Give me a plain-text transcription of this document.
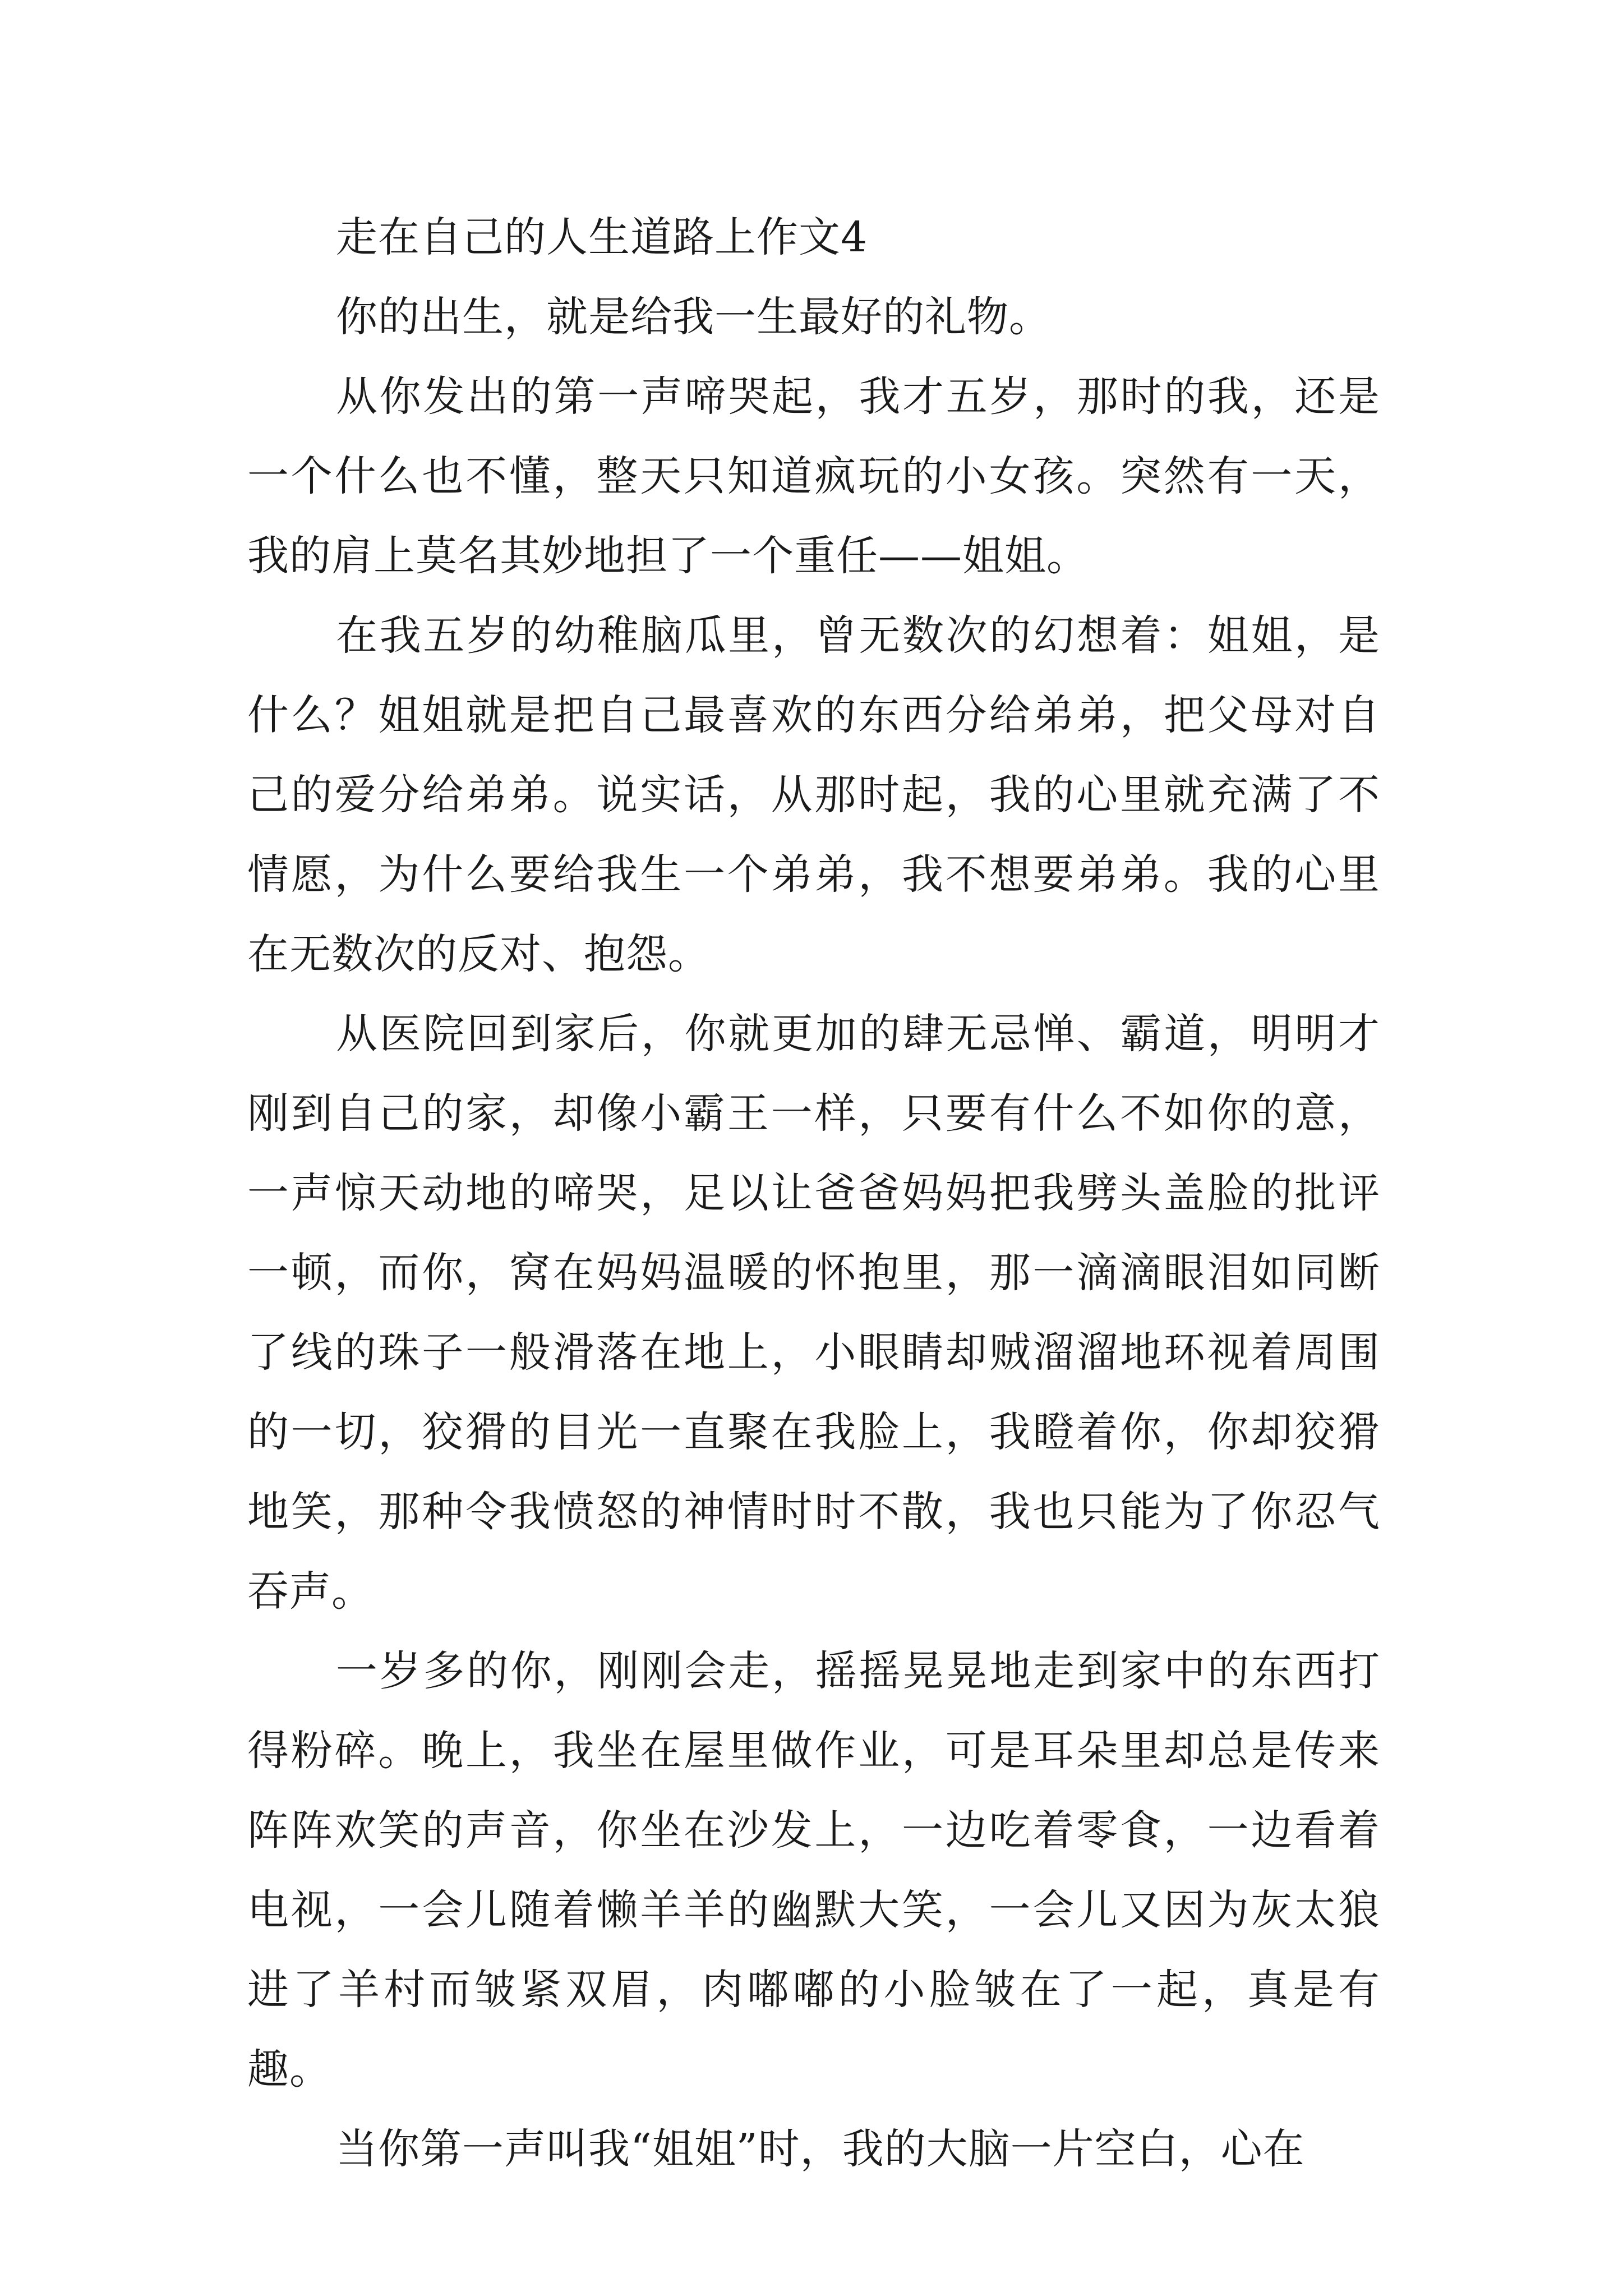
走在自己的人生道路上作文4

你的出生，就是给我一生最好的礼物。

从你发出的第一声啼哭起，我才五岁，那时的我，还是一个什么也不懂，整天只知道疯玩的小女孩。突然有一天，我的肩上莫名其妙地担了一个重任——姐姐。

在我五岁的幼稚脑瓜里，曾无数次的幻想着：姐姐，是什么？姐姐就是把自己最喜欢的东西分给弟弟，把父母对自己的爱分给弟弟。说实话，从那时起，我的心里就充满了不情愿，为什么要给我生一个弟弟，我不想要弟弟。我的心里在无数次的反对、抱怨。

从医院回到家后，你就更加的肆无忌惮、霸道，明明才刚到自己的家，却像小霸王一样，只要有什么不如你的意，一声惊天动地的啼哭，足以让爸爸妈妈把我劈头盖脸的批评一顿，而你，窝在妈妈温暖的怀抱里，那一滴滴眼泪如同断了线的珠子一般滑落在地上，小眼睛却贼溜溜地环视着周围的一切，狡猾的目光一直聚在我脸上，我瞪着你，你却狡猾地笑，那种令我愤怒的神情时时不散，我也只能为了你忍气吞声。

一岁多的你，刚刚会走，摇摇晃晃地走到家中的东西打得粉碎。晚上，我坐在屋里做作业，可是耳朵里却总是传来阵阵欢笑的声音，你坐在沙发上，一边吃着零食，一边看着电视，一会儿随着懒羊羊的幽默大笑，一会儿又因为灰太狼进了羊村而皱紧双眉，肉嘟嘟的小脸皱在了一起，真是有趣。

当你第一声叫我“姐姐”时，我的大脑一片空白，心在
